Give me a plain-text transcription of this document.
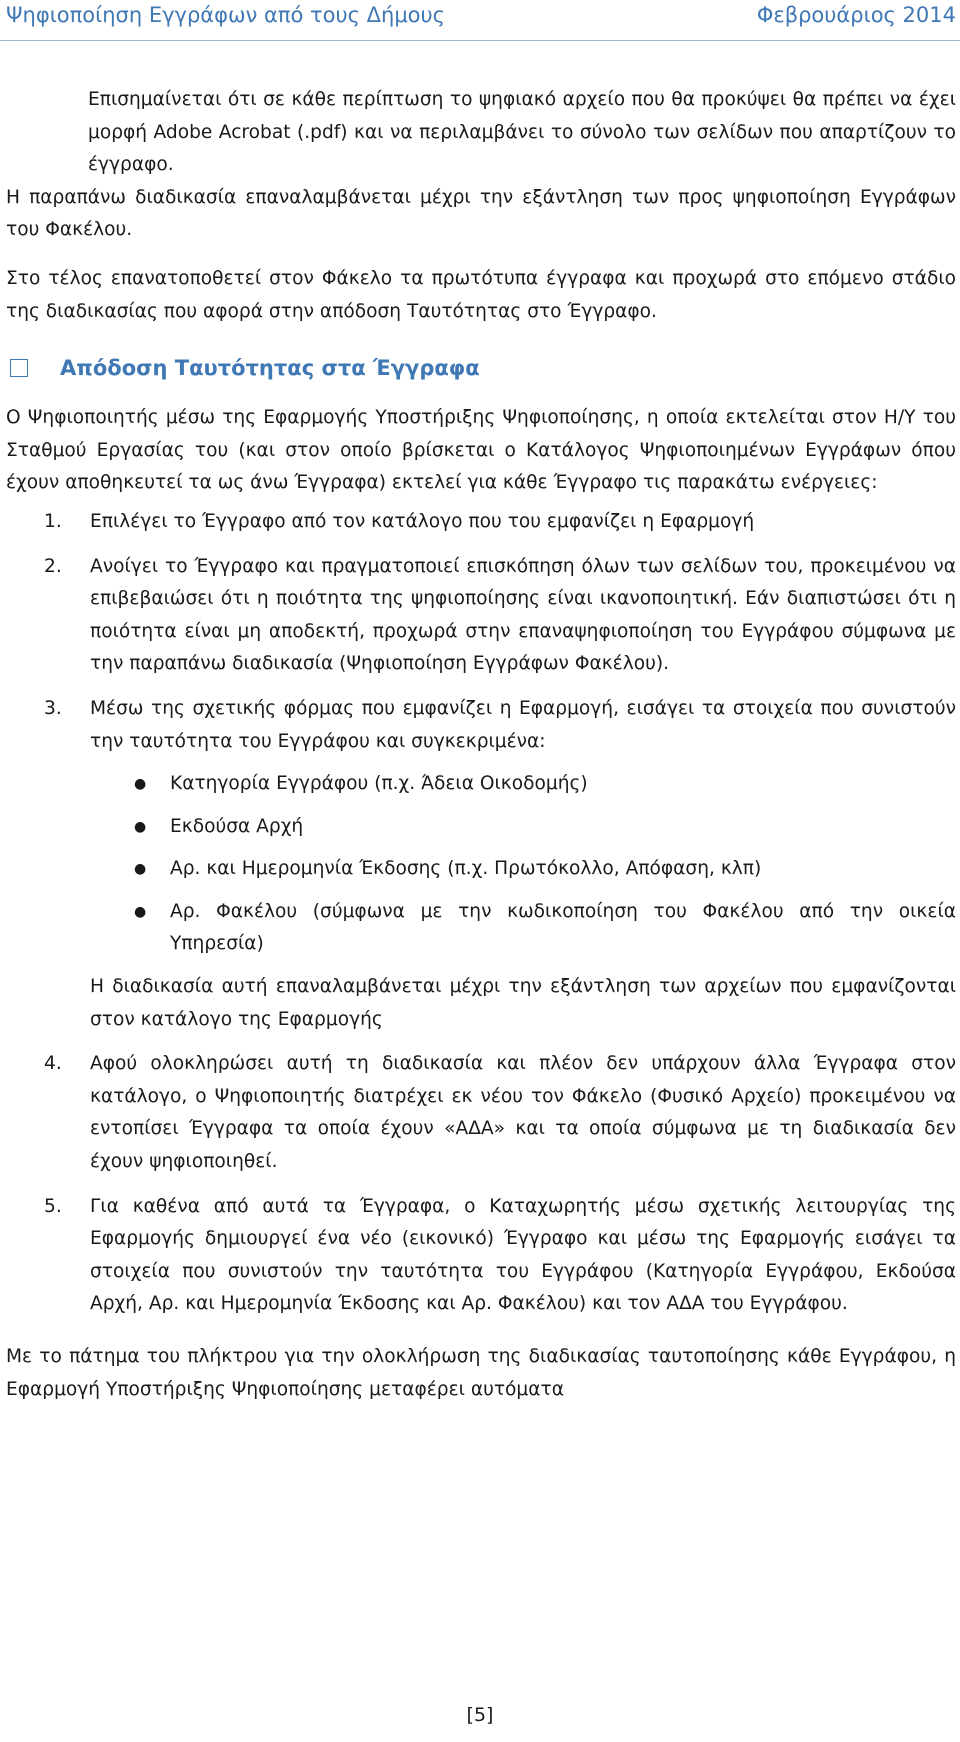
Ψηφιοποίηση Εγγράφων από τους Δήμους	Φεβρουάριος 2014

Επισημαίνεται ότι σε κάθε περίπτωση το ψηφιακό αρχείο που θα προκύψει θα πρέπει να έχει μορφή Adobe Acrobat (.pdf) και να περιλαμβάνει το σύνολο των σελίδων που απαρτίζουν το έγγραφο.

Η παραπάνω διαδικασία επαναλαμβάνεται μέχρι την εξάντληση των προς ψηφιοποίηση Εγγράφων του Φακέλου.

Στο τέλος επανατοποθετεί στον Φάκελο τα πρωτότυπα έγγραφα και προχωρά στο επόμενο στάδιο της διαδικασίας που αφορά στην απόδοση Ταυτότητας στο Έγγραφο.

Απόδοση Ταυτότητας στα Έγγραφα

Ο Ψηφιοποιητής μέσω της Εφαρμογής Υποστήριξης Ψηφιοποίησης, η οποία εκτελείται στον Η/Υ του Σταθμού Εργασίας του (και στον οποίο βρίσκεται ο Κατάλογος Ψηφιοποιημένων Εγγράφων όπου έχουν αποθηκευτεί τα ως άνω Έγγραφα) εκτελεί για κάθε Έγγραφο τις παρακάτω ενέργειες:

1.	Επιλέγει το Έγγραφο από τον κατάλογο που του εμφανίζει η Εφαρμογή
2.	Ανοίγει το Έγγραφο και πραγματοποιεί επισκόπηση όλων των σελίδων του, προκειμένου να επιβεβαιώσει ότι η ποιότητα της ψηφιοποίησης είναι ικανοποιητική. Εάν διαπιστώσει ότι η ποιότητα είναι μη αποδεκτή, προχωρά στην επαναψηφιοποίηση του Εγγράφου σύμφωνα με την παραπάνω διαδικασία (Ψηφιοποίηση Εγγράφων Φακέλου).
3.	Μέσω της σχετικής φόρμας που εμφανίζει η Εφαρμογή, εισάγει τα στοιχεία που συνιστούν την ταυτότητα του Εγγράφου και συγκεκριμένα:
●	Κατηγορία Εγγράφου (π.χ. Άδεια Οικοδομής)
●	Εκδούσα Αρχή
●	Αρ. και Ημερομηνία Έκδοσης (π.χ. Πρωτόκολλο, Απόφαση, κλπ)
●	Αρ. Φακέλου (σύμφωνα με την κωδικοποίηση του Φακέλου από την οικεία Υπηρεσία)
Η διαδικασία αυτή επαναλαμβάνεται μέχρι την εξάντληση των αρχείων που εμφανίζονται στον κατάλογο της Εφαρμογής
4.	Αφού ολοκληρώσει αυτή τη διαδικασία και πλέον δεν υπάρχουν άλλα Έγγραφα στον κατάλογο, ο Ψηφιοποιητής διατρέχει εκ νέου τον Φάκελο (Φυσικό Αρχείο) προκειμένου να εντοπίσει Έγγραφα τα οποία έχουν «ΑΔΑ» και τα οποία σύμφωνα με τη διαδικασία δεν έχουν ψηφιοποιηθεί.
5.	Για καθένα από αυτά τα Έγγραφα, ο Καταχωρητής μέσω σχετικής λειτουργίας της Εφαρμογής δημιουργεί ένα νέο (εικονικό) Έγγραφο και μέσω της Εφαρμογής εισάγει τα στοιχεία που συνιστούν την ταυτότητα του Εγγράφου (Κατηγορία Εγγράφου, Εκδούσα Αρχή, Αρ. και Ημερομηνία Έκδοσης και Αρ. Φακέλου) και τον ΑΔΑ του Εγγράφου.

Με το πάτημα του πλήκτρου για την ολοκλήρωση της διαδικασίας ταυτοποίησης κάθε Εγγράφου, η Εφαρμογή Υποστήριξης Ψηφιοποίησης μεταφέρει αυτόματα

[5]
